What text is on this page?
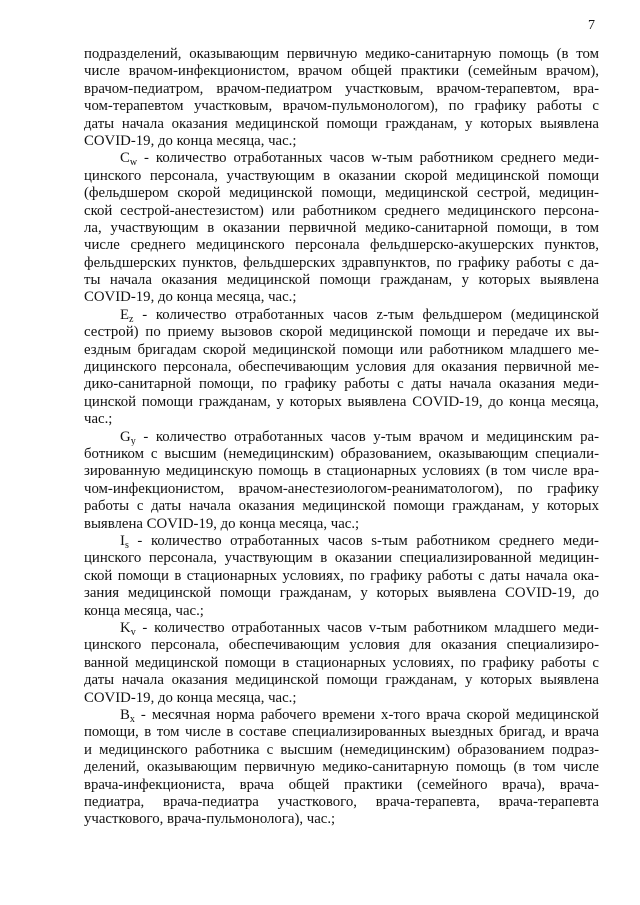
7
подразделений, оказывающим первичную медико-санитарную помощь (в том
числе врачом-инфекционистом, врачом общей практики (семейным врачом),
врачом-педиатром, врачом-педиатром участковым, врачом-терапевтом, вра-
чом-терапевтом участковым, врачом-пульмонологом), по графику работы с
даты начала оказания медицинской помощи гражданам, у которых выявлена
COVID-19, до конца месяца, час.;
$C_w$ - количество отработанных часов w-тым работником среднего меди-
цинского персонала, участвующим в оказании скорой медицинской помощи
(фельдшером скорой медицинской помощи, медицинской сестрой, медицин-
ской сестрой-анестезистом) или работником среднего медицинского персона-
ла, участвующим в оказании первичной медико-санитарной помощи, в том
числе среднего медицинского персонала фельдшерско-акушерских пунктов,
фельдшерских пунктов, фельдшерских здравпунктов, по графику работы с да-
ты начала оказания медицинской помощи гражданам, у которых выявлена
COVID-19, до конца месяца, час.;
$E_z$ - количество отработанных часов z-тым фельдшером (медицинской
сестрой) по приему вызовов скорой медицинской помощи и передаче их вы-
ездным бригадам скорой медицинской помощи или работником младшего ме-
дицинского персонала, обеспечивающим условия для оказания первичной ме-
дико-санитарной помощи, по графику работы с даты начала оказания меди-
цинской помощи гражданам, у которых выявлена COVID-19, до конца месяца,
час.;
$G_y$ - количество отработанных часов y-тым врачом и медицинским ра-
ботником с высшим (немедицинским) образованием, оказывающим специали-
зированную медицинскую помощь в стационарных условиях (в том числе вра-
чом-инфекционистом, врачом-анестезиологом-реаниматологом), по графику
работы с даты начала оказания медицинской помощи гражданам, у которых
выявлена COVID-19, до конца месяца, час.;
$I_s$ - количество отработанных часов s-тым работником среднего меди-
цинского персонала, участвующим в оказании специализированной медицин-
ской помощи в стационарных условиях, по графику работы с даты начала ока-
зания медицинской помощи гражданам, у которых выявлена COVID-19, до
конца месяца, час.;
$K_v$ - количество отработанных часов v-тым работником младшего меди-
цинского персонала, обеспечивающим условия для оказания специализиро-
ванной медицинской помощи в стационарных условиях, по графику работы с
даты начала оказания медицинской помощи гражданам, у которых выявлена
COVID-19, до конца месяца, час.;
$B_x$ - месячная норма рабочего времени x-того врача скорой медицинской
помощи, в том числе в составе специализированных выездных бригад, и врача
и медицинского работника с высшим (немедицинским) образованием подраз-
делений, оказывающим первичную медико-санитарную помощь (в том числе
врача-инфекциониста, врача общей практики (семейного врача), врача-
педиатра, врача-педиатра участкового, врача-терапевта, врача-терапевта
участкового, врача-пульмонолога), час.;
